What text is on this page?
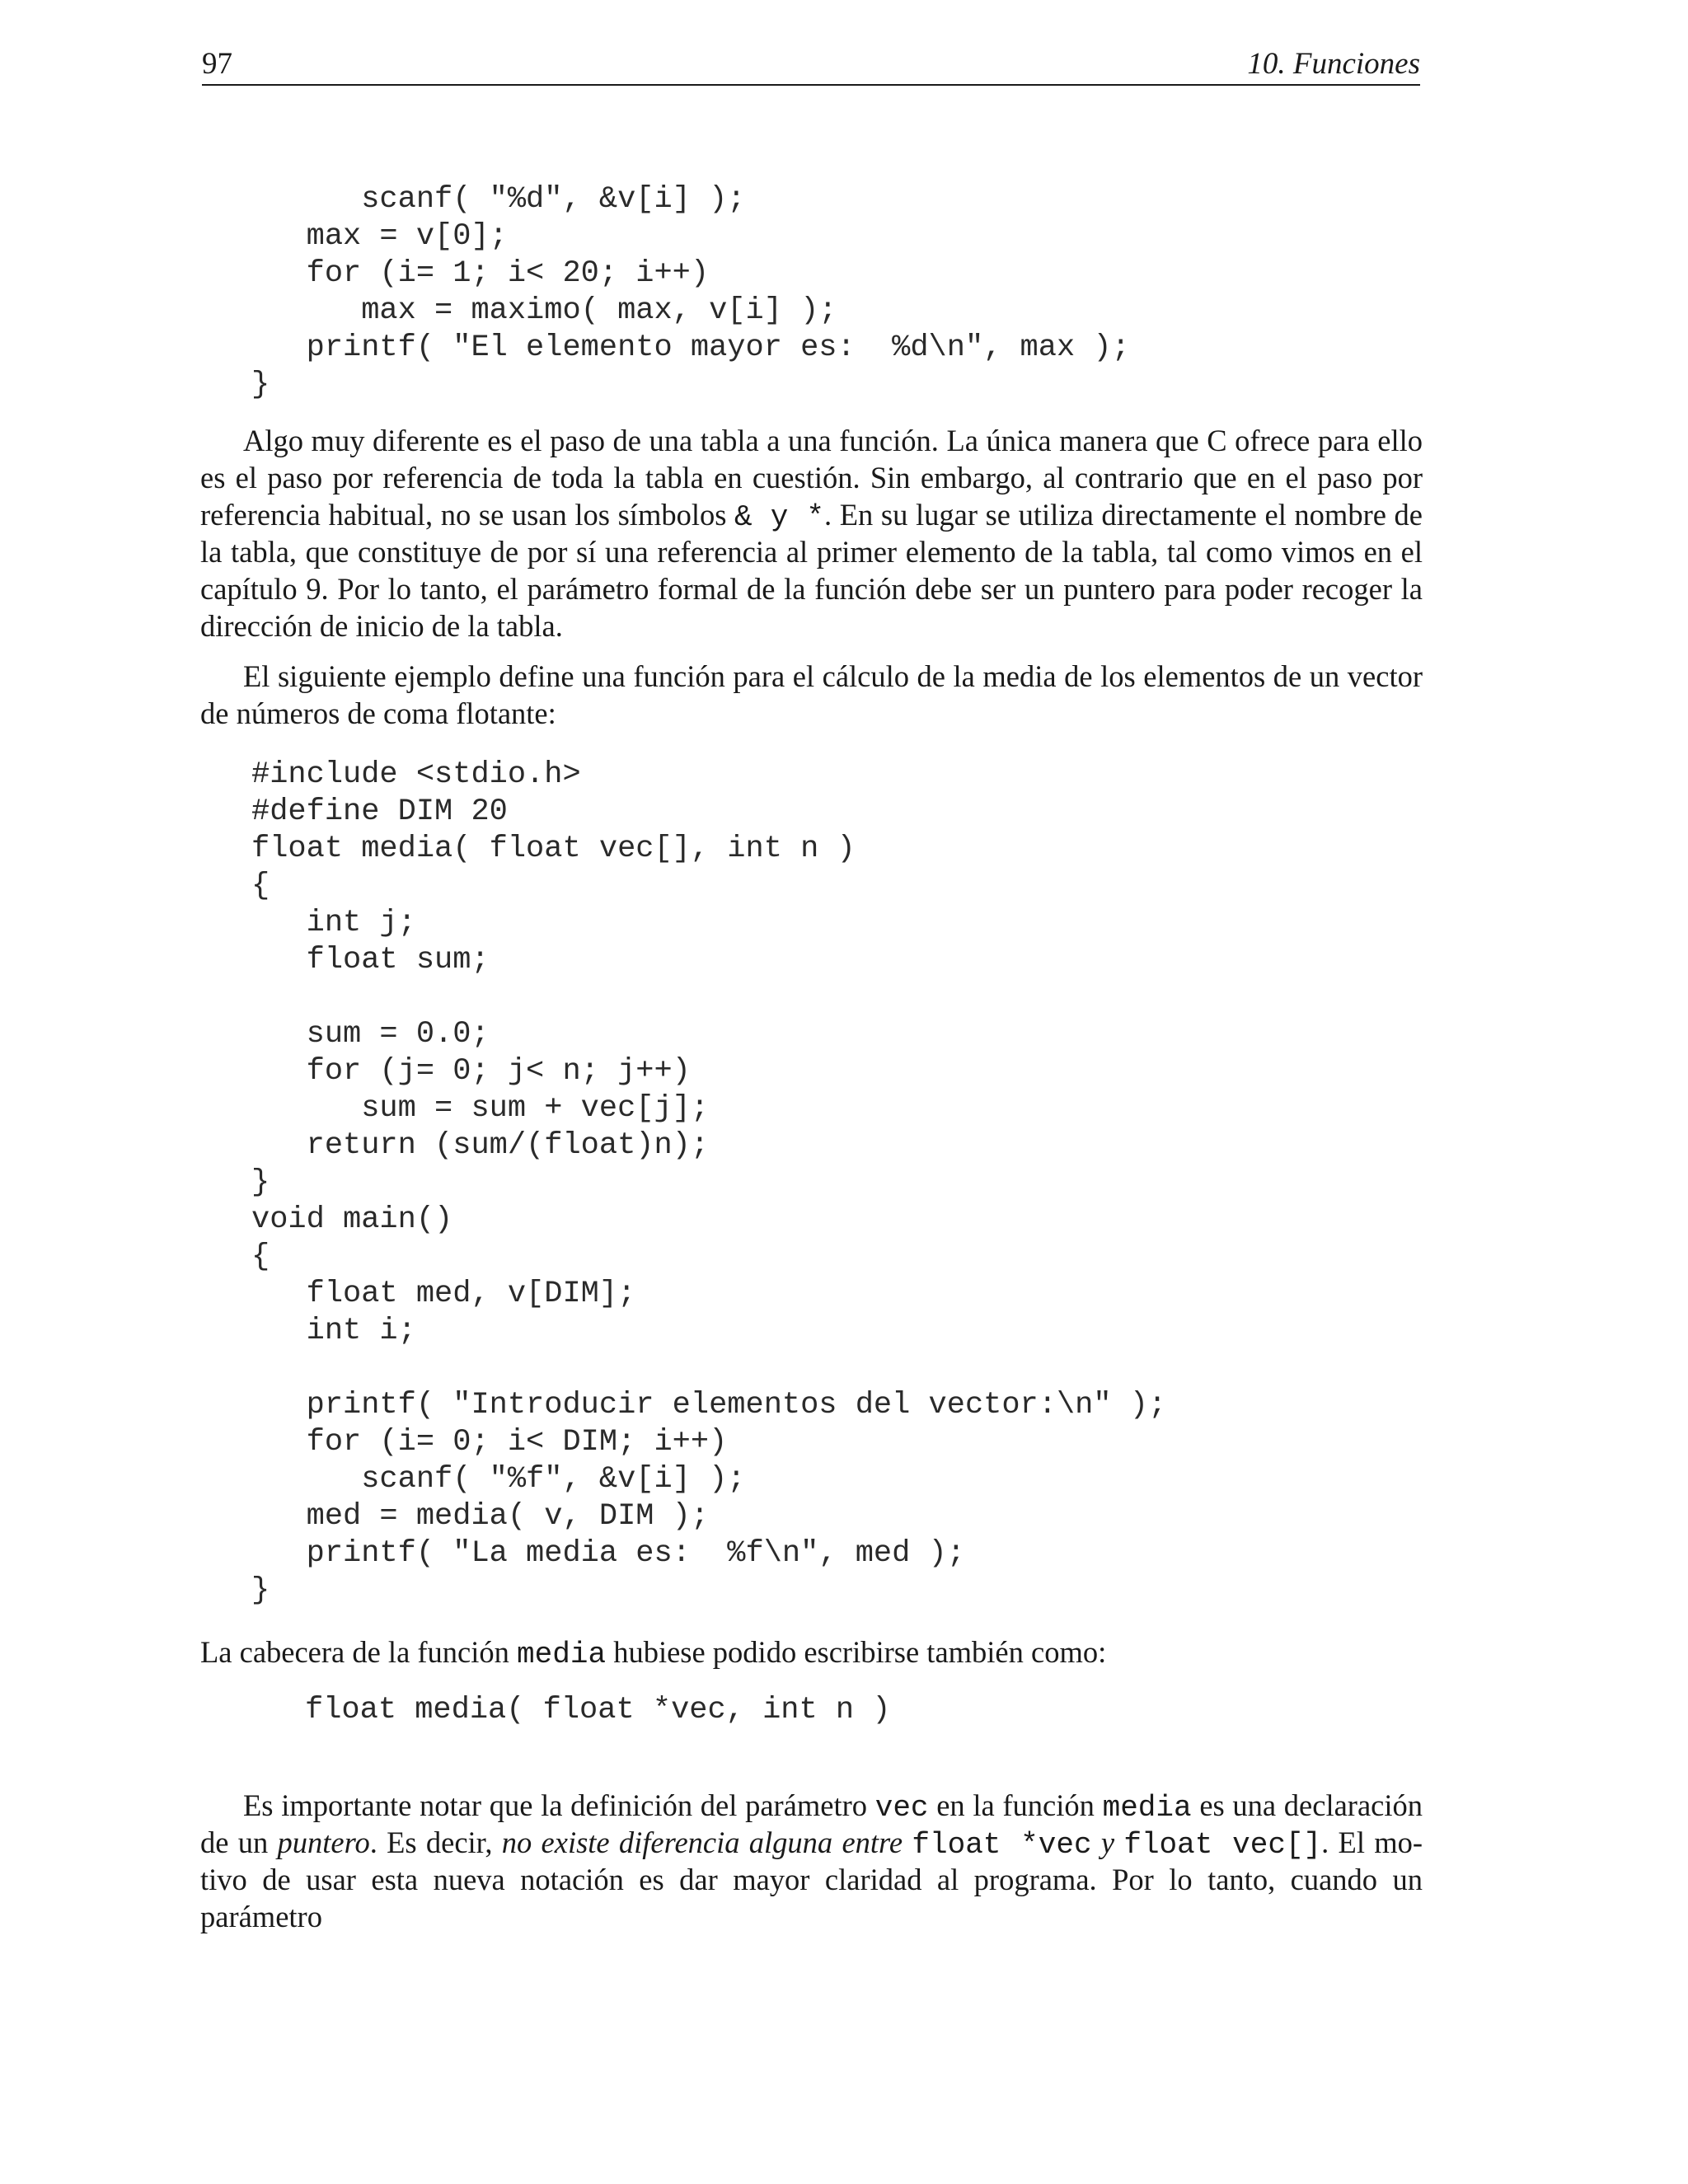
97	10. Funciones
scanf( "%d", &v[i] );
max = v[0];
for (i= 1; i< 20; i++)
max = maximo( max, v[i] );
printf( "El elemento mayor es:  %d\n", max );
}
Algo muy diferente es el paso de una tabla a una función. La única manera que C ofrece para ello
es el paso por referencia de toda la tabla en cuestión. Sin embargo, al contrario que en el paso por
referencia habitual, no se usan los símbolos & y *. En su lugar se utiliza directamente el nombre de
la tabla, que constituye de por sí una referencia al primer elemento de la tabla, tal como vimos en el
capítulo 9. Por lo tanto, el parámetro formal de la función debe ser un puntero para poder recoger la
dirección de inicio de la tabla.
El siguiente ejemplo define una función para el cálculo de la media de los elementos de un vector
de números de coma flotante:
#include <stdio.h>
#define DIM 20
float media( float vec[], int n )
{
int j;
float sum;

sum = 0.0;
for (j= 0; j< n; j++)
sum = sum + vec[j];
return (sum/(float)n);
}
void main()
{
float med, v[DIM];
int i;

printf( "Introducir elementos del vector:\n" );
for (i= 0; i< DIM; i++)
scanf( "%f", &v[i] );
med = media( v, DIM );
printf( "La media es:  %f\n", med );
}
La cabecera de la función media hubiese podido escribirse también como:
float media( float *vec, int n )
Es importante notar que la definición del parámetro vec en la función media es una declaración
de un puntero. Es decir, no existe diferencia alguna entre float *vec y float vec[]. El mo-
tivo de usar esta nueva notación es dar mayor claridad al programa. Por lo tanto, cuando un parámetro
